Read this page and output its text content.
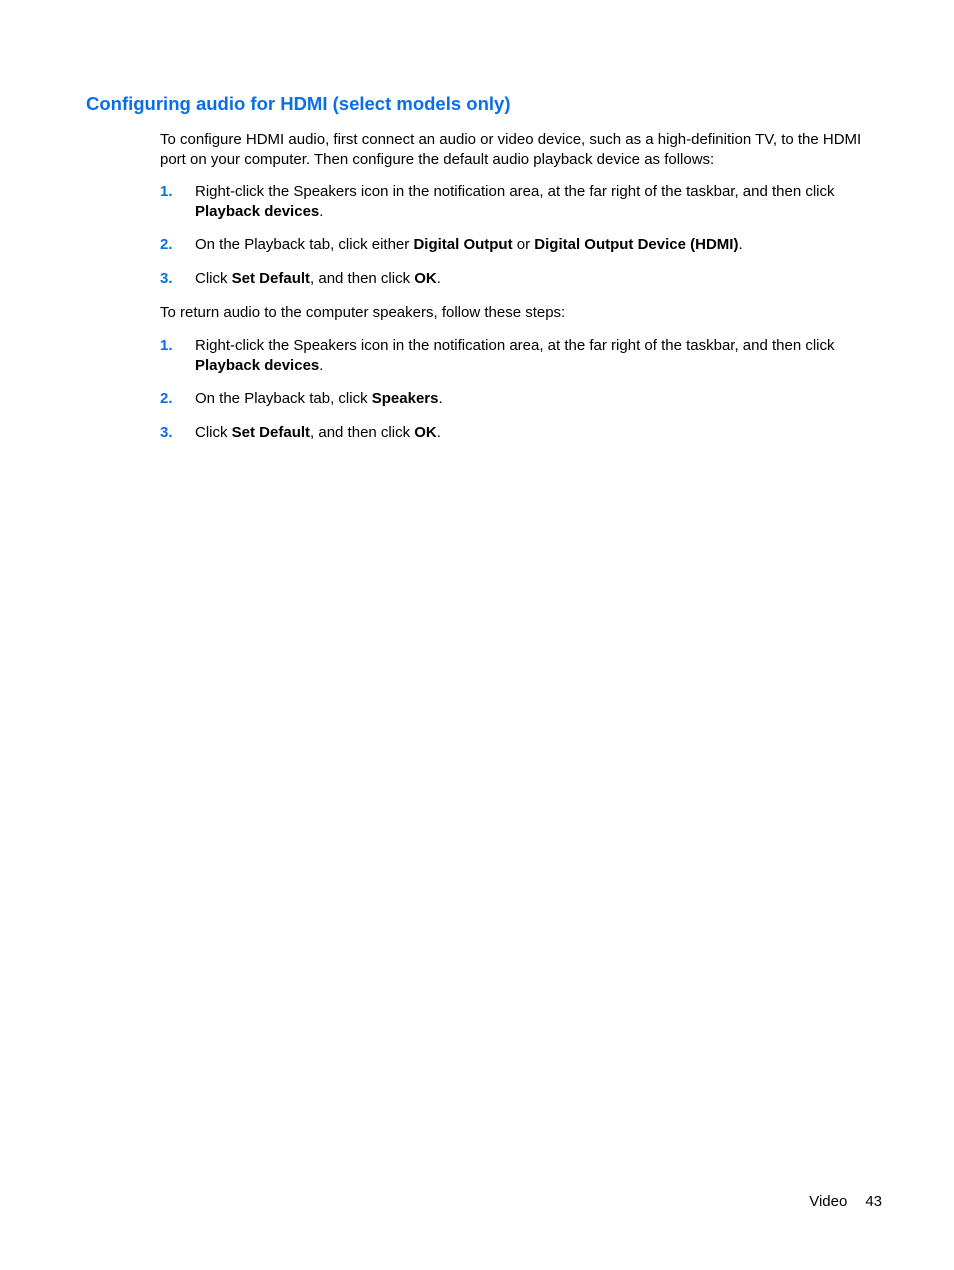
Configuring audio for HDMI (select models only)

To configure HDMI audio, first connect an audio or video device, such as a high-definition TV, to the HDMI port on your computer. Then configure the default audio playback device as follows:

1. Right-click the Speakers icon in the notification area, at the far right of the taskbar, and then click Playback devices.
2. On the Playback tab, click either Digital Output or Digital Output Device (HDMI).
3. Click Set Default, and then click OK.

To return audio to the computer speakers, follow these steps:

1. Right-click the Speakers icon in the notification area, at the far right of the taskbar, and then click Playback devices.
2. On the Playback tab, click Speakers.
3. Click Set Default, and then click OK.
Video 43
